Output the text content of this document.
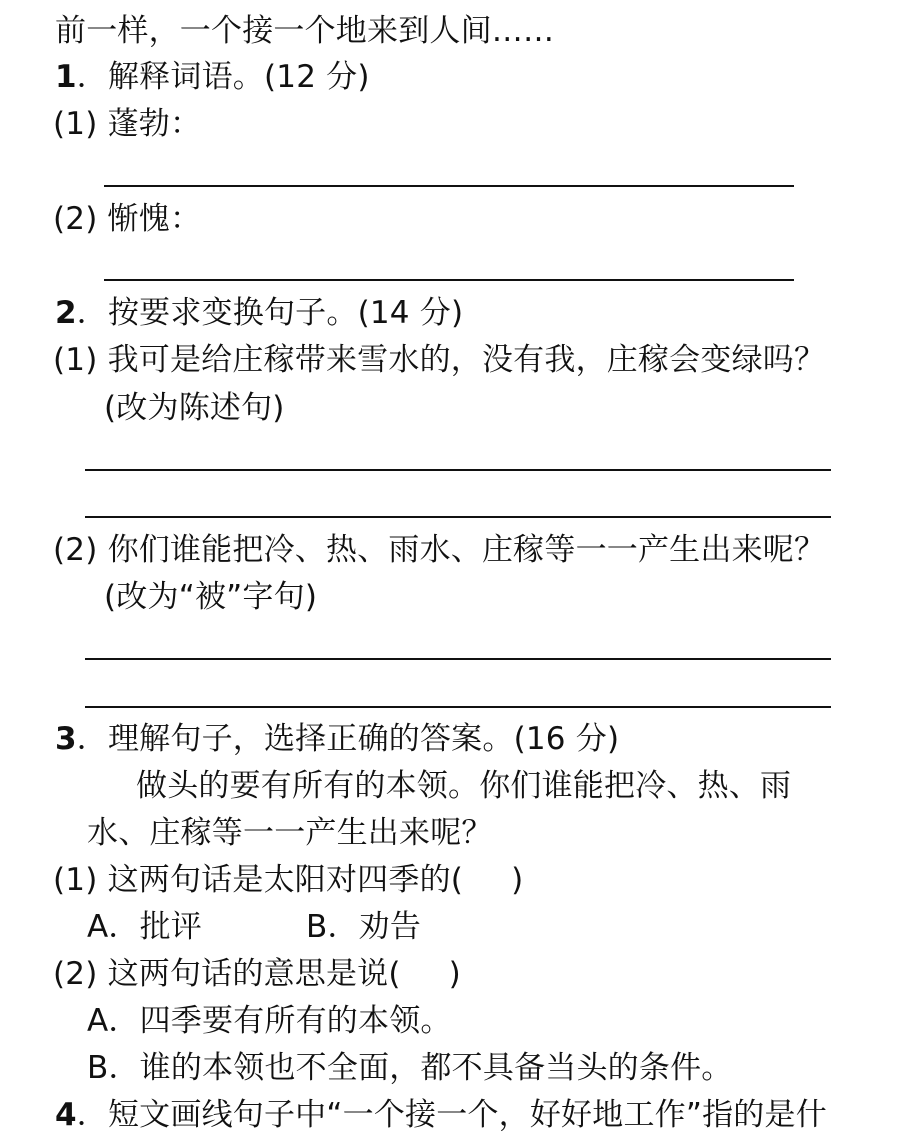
前一样，一个接一个地来到人间……
1．解释词语。(12 分)
(1) 蓬勃：
(2) 惭愧：
2．按要求变换句子。(14 分)
(1) 我可是给庄稼带来雪水的，没有我，庄稼会变绿吗？
(改为陈述句)
(2) 你们谁能把冷、热、雨水、庄稼等一一产生出来呢？
(改为“被”字句)
3．理解句子，选择正确的答案。(16 分)
做头的要有所有的本领。你们谁能把冷、热、雨
水、庄稼等一一产生出来呢？
(1) 这两句话是太阳对四季的( )
A．批评	B．劝告
(2) 这两句话的意思是说( )
A．四季要有所有的本领。
B．谁的本领也不全面，都不具备当头的条件。
4．短文画线句子中“一个接一个，好好地工作”指的是什
